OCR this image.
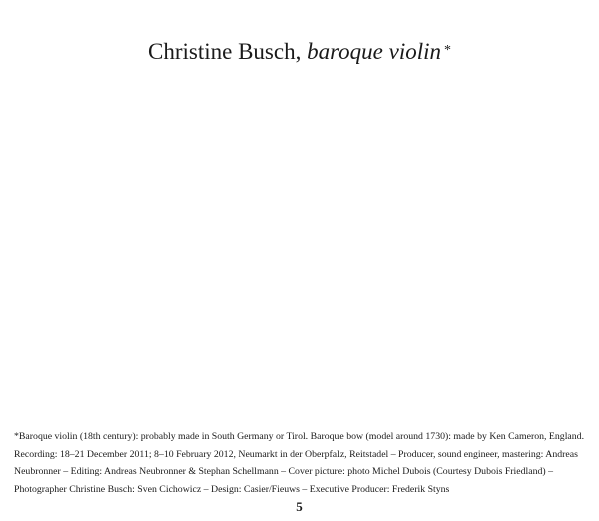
Christine Busch, baroque violin *
*Baroque violin (18th century): probably made in South Germany or Tirol. Baroque bow (model around 1730): made by Ken Cameron, England.
Recording: 18–21 December 2011; 8–10 February 2012, Neumarkt in der Oberpfalz, Reitstadel – Producer, sound engineer, mastering: Andreas
Neubronner – Editing: Andreas Neubronner & Stephan Schellmann – Cover picture: photo Michel Dubois (Courtesy Dubois Friedland) –
Photographer Christine Busch: Sven Cichowicz – Design: Casier/Fieuws – Executive Producer: Frederik Styns
5
